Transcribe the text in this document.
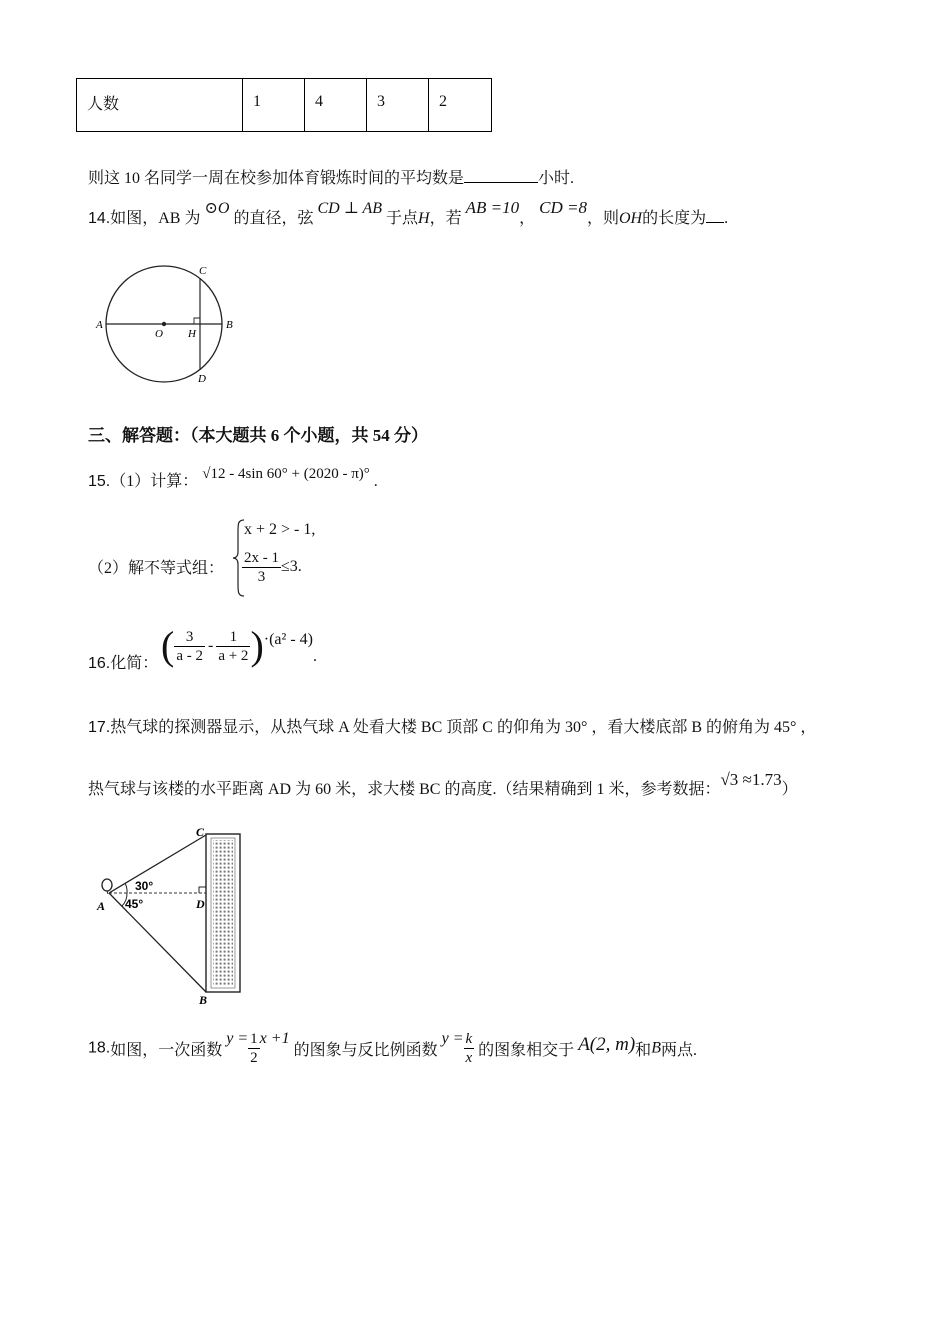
人数	1	4	3	2
则这 10 名同学一周在校参加体育锻炼时间的平均数是	小时.
14.如图，AB 为 ⊙O 的直径，弦 CD ⊥ AB 于点H，若 AB =10， CD =8，则OH的长度为 .
A	B
C
D
O H
三、解答题：（本大题共 6 个小题，共 54 分）
15.（1）计算： √12 - 4sin 60° + (2020 - π)° .
（2）解不等式组：
x + 2 > - 1,
$\frac{2x - 1}{3} \le 3$.
16.化简： ( $\frac{3}{a - 2} - \frac{1}{a + 2} )\cdot(a^2 - 4)$.
17.热气球的探测器显示，从热气球 A 处看大楼 BC 顶部 C 的仰角为 30° ，看大楼底部 B 的俯角为 45° ，
热气球与该楼的水平距离 AD 为 60 米，求大楼 BC 的高度.（结果精确到 1 米，参考数据：√3 ≈1.73）
30°
45°
C
A	D
B
18.如图，一次函数 $y = \frac{1}{2}$ x +1 的图象与反比例函数 $y = \frac{k}{x}$ 的图象相交于 A(2, m)和B两点.
